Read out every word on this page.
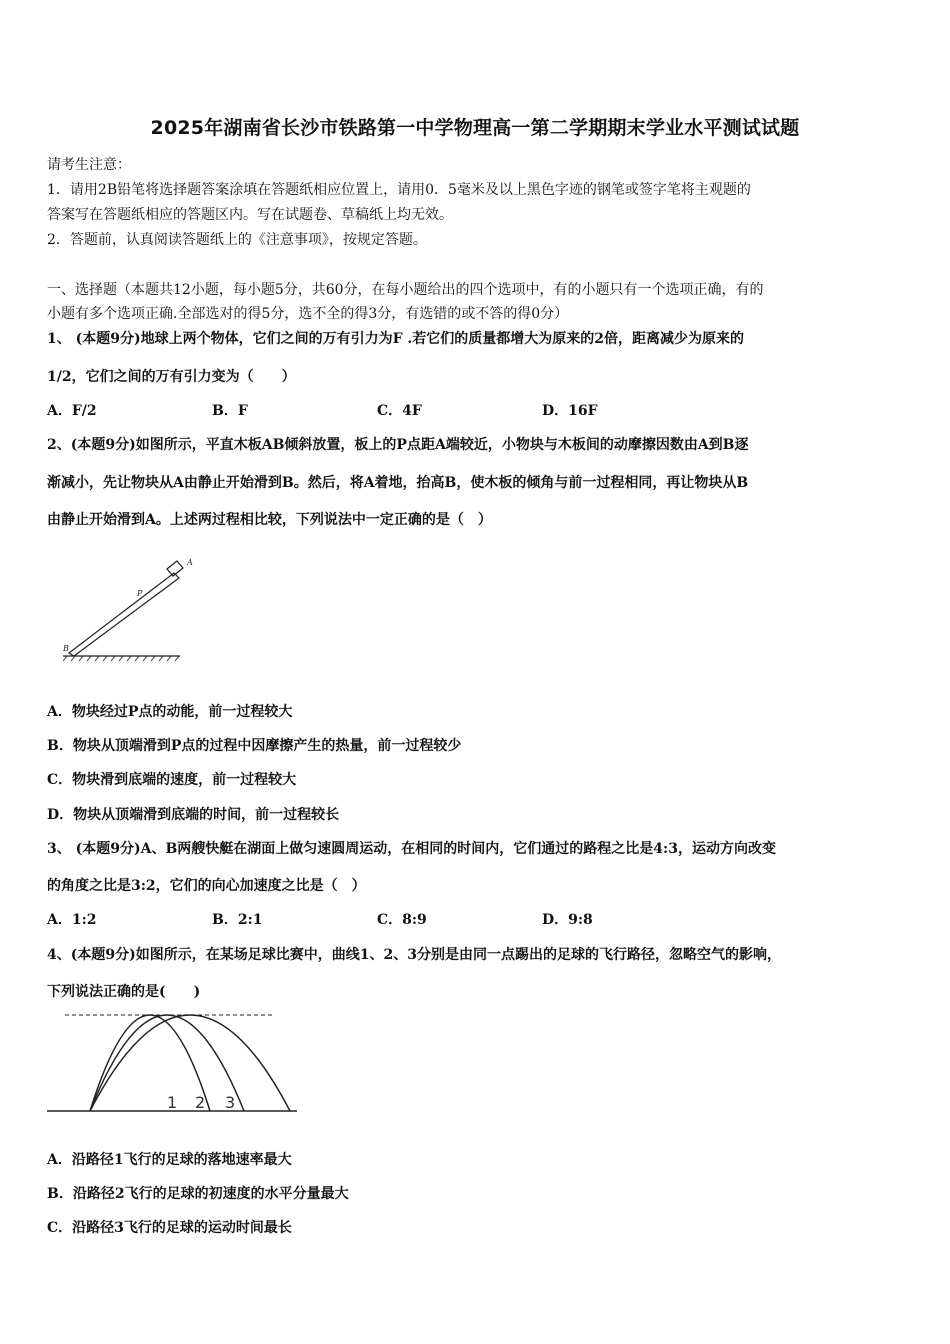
2025年湖南省长沙市铁路第一中学物理高一第二学期期末学业水平测试试题
请考生注意：
1．请用2B铅笔将选择题答案涂填在答题纸相应位置上，请用0．5毫米及以上黑色字迹的钢笔或签字笔将主观题的
答案写在答题纸相应的答题区内。写在试题卷、草稿纸上均无效。
2．答题前，认真阅读答题纸上的《注意事项》，按规定答题。
一、选择题（本题共12小题，每小题5分，共60分，在每小题给出的四个选项中，有的小题只有一个选项正确，有的
小题有多个选项正确.全部选对的得5分，选不全的得3分，有选错的或不答的得0分）
1、 (本题9分)地球上两个物体，它们之间的万有引力为F .若它们的质量都增大为原来的2倍，距离减少为原来的
1/2，它们之间的万有引力变为（　　）
A．F/2	B．F	C．4F	D．16F
2、(本题9分)如图所示，平直木板AB倾斜放置，板上的P点距A端较近，小物块与木板间的动摩擦因数由A到B逐
渐减小，先让物块从A由静止开始滑到B。然后，将A着地，抬高B，使木板的倾角与前一过程相同，再让物块从B
由静止开始滑到A。上述两过程相比较，下列说法中一定正确的是（　）
A
P
B
A．物块经过P点的动能，前一过程较大
B．物块从顶端滑到P点的过程中因摩擦产生的热量，前一过程较少
C．物块滑到底端的速度，前一过程较大
D．物块从顶端滑到底端的时间，前一过程较长
3、 (本题9分)A、B两艘快艇在湖面上做匀速圆周运动，在相同的时间内，它们通过的路程之比是4:3，运动方向改变
的角度之比是3:2，它们的向心加速度之比是（　）
A．1:2	B．2:1	C．8:9	D．9:8
4、(本题9分)如图所示，在某场足球比赛中，曲线1、2、3分别是由同一点踢出的足球的飞行路径，忽略空气的影响，
下列说法正确的是(　　)
1 2 3
A．沿路径1飞行的足球的落地速率最大
B．沿路径2飞行的足球的初速度的水平分量最大
C．沿路径3飞行的足球的运动时间最长
